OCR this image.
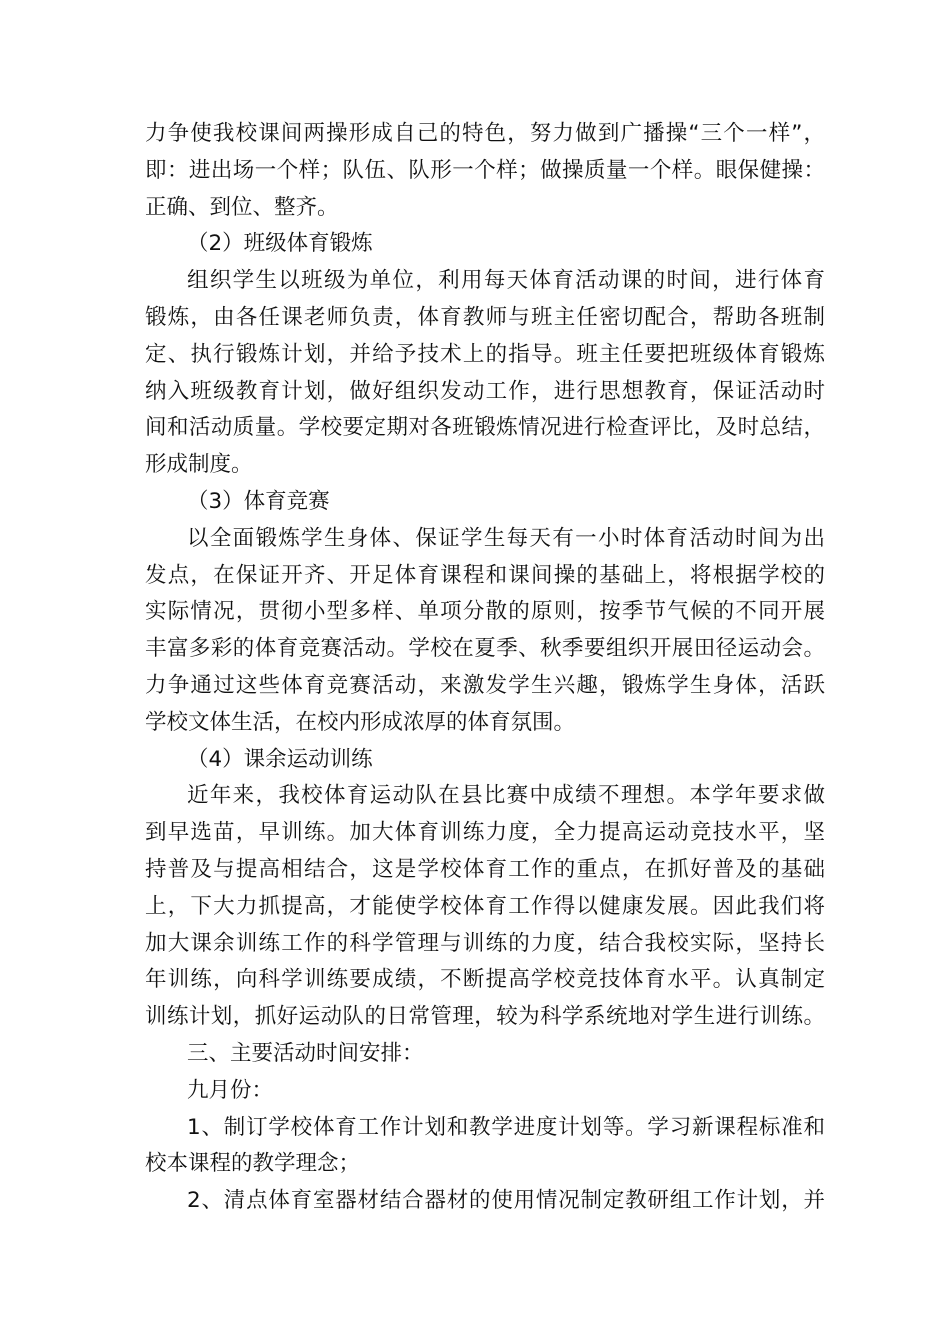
力争使我校课间两操形成自己的特色，努力做到广播操“三个一样”，
即：进出场一个样；队伍、队形一个样；做操质量一个样。眼保健操：
正确、到位、整齐。
（2）班级体育锻炼
组织学生以班级为单位，利用每天体育活动课的时间，进行体育
锻炼，由各任课老师负责，体育教师与班主任密切配合，帮助各班制
定、执行锻炼计划，并给予技术上的指导。班主任要把班级体育锻炼
纳入班级教育计划，做好组织发动工作，进行思想教育，保证活动时
间和活动质量。学校要定期对各班锻炼情况进行检查评比，及时总结，
形成制度。
（3）体育竞赛
以全面锻炼学生身体、保证学生每天有一小时体育活动时间为出
发点，在保证开齐、开足体育课程和课间操的基础上，将根据学校的
实际情况，贯彻小型多样、单项分散的原则，按季节气候的不同开展
丰富多彩的体育竞赛活动。学校在夏季、秋季要组织开展田径运动会。
力争通过这些体育竞赛活动，来激发学生兴趣，锻炼学生身体，活跃
学校文体生活，在校内形成浓厚的体育氛围。
（4）课余运动训练
近年来，我校体育运动队在县比赛中成绩不理想。本学年要求做
到早选苗，早训练。加大体育训练力度，全力提高运动竞技水平，坚
持普及与提高相结合，这是学校体育工作的重点，在抓好普及的基础
上，下大力抓提高，才能使学校体育工作得以健康发展。因此我们将
加大课余训练工作的科学管理与训练的力度，结合我校实际，坚持长
年训练，向科学训练要成绩，不断提高学校竞技体育水平。认真制定
训练计划，抓好运动队的日常管理，较为科学系统地对学生进行训练。
三、主要活动时间安排：
九月份：
1、制订学校体育工作计划和教学进度计划等。学习新课程标准和
校本课程的教学理念；
2、清点体育室器材结合器材的使用情况制定教研组工作计划，并
